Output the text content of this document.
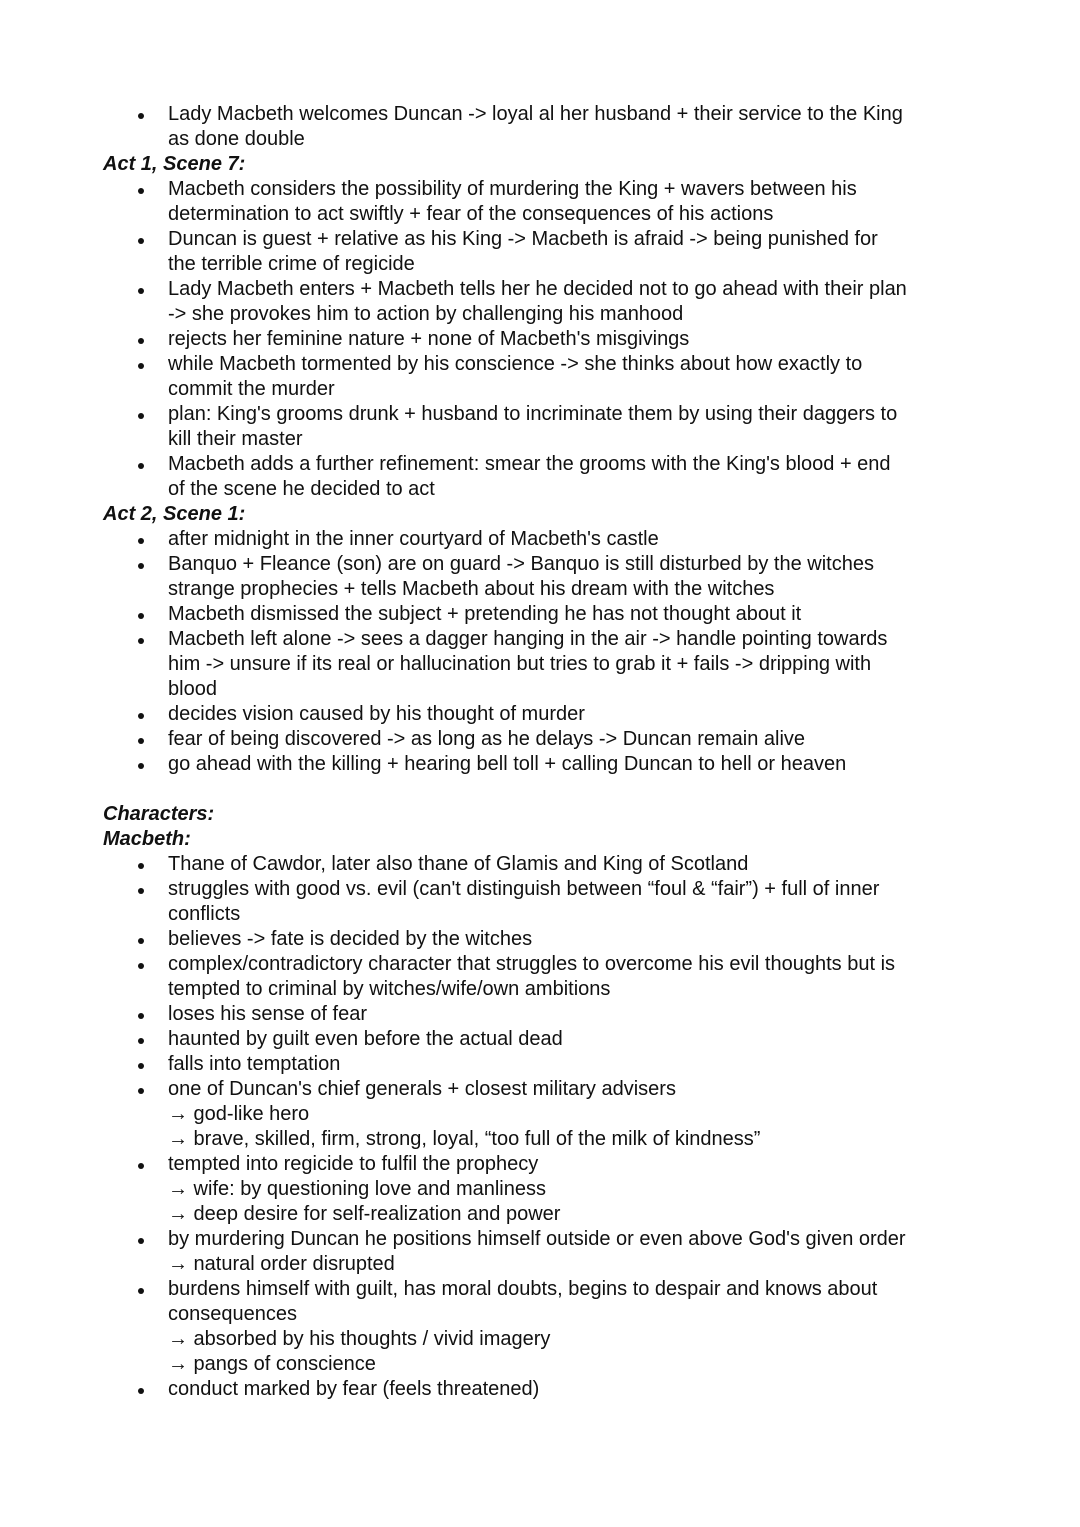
Lady Macbeth welcomes Duncan -> loyal al her husband + their service to the King
as done double
Act 1, Scene 7:
Macbeth considers the possibility of murdering the King + wavers between his
determination to act swiftly + fear of the consequences of his actions
Duncan is guest + relative as his King -> Macbeth is afraid -> being punished for
the terrible crime of regicide
Lady Macbeth enters + Macbeth tells her he decided not to go ahead with their plan
-> she provokes him to action by challenging his manhood
rejects her feminine nature + none of Macbeth's misgivings
while Macbeth tormented by his conscience -> she thinks about how exactly to
commit the murder
plan: King's grooms drunk + husband to incriminate them by using their daggers to
kill their master
Macbeth adds a further refinement: smear the grooms with the King's blood + end
of the scene he decided to act
Act 2, Scene 1:
after midnight in the inner courtyard of Macbeth's castle
Banquo + Fleance (son) are on guard -> Banquo is still disturbed by the witches
strange prophecies + tells Macbeth about his dream with the witches
Macbeth dismissed the subject + pretending he has not thought about it
Macbeth left alone -> sees a dagger hanging in the air -> handle pointing towards
him -> unsure if its real or hallucination but tries to grab it + fails -> dripping with
blood
decides vision caused by his thought of murder
fear of being discovered -> as long as he delays -> Duncan remain alive
go ahead with the killing + hearing bell toll + calling Duncan to hell or heaven
Characters:
Macbeth:
Thane of Cawdor, later also thane of Glamis and King of Scotland
struggles with good vs. evil (can't distinguish between “foul & “fair”) + full of inner
conflicts
believes -> fate is decided by the witches
complex/contradictory character that struggles to overcome his evil thoughts but is
tempted to criminal by witches/wife/own ambitions
loses his sense of fear
haunted by guilt even before the actual dead
falls into temptation
one of Duncan's chief generals + closest military advisers
→ god-like hero
→ brave, skilled, firm, strong, loyal, “too full of the milk of kindness”
tempted into regicide to fulfil the prophecy
→ wife: by questioning love and manliness
→ deep desire for self-realization and power
by murdering Duncan he positions himself outside or even above God's given order
→ natural order disrupted
burdens himself with guilt, has moral doubts, begins to despair and knows about
consequences
→ absorbed by his thoughts / vivid imagery
→ pangs of conscience
conduct marked by fear (feels threatened)
